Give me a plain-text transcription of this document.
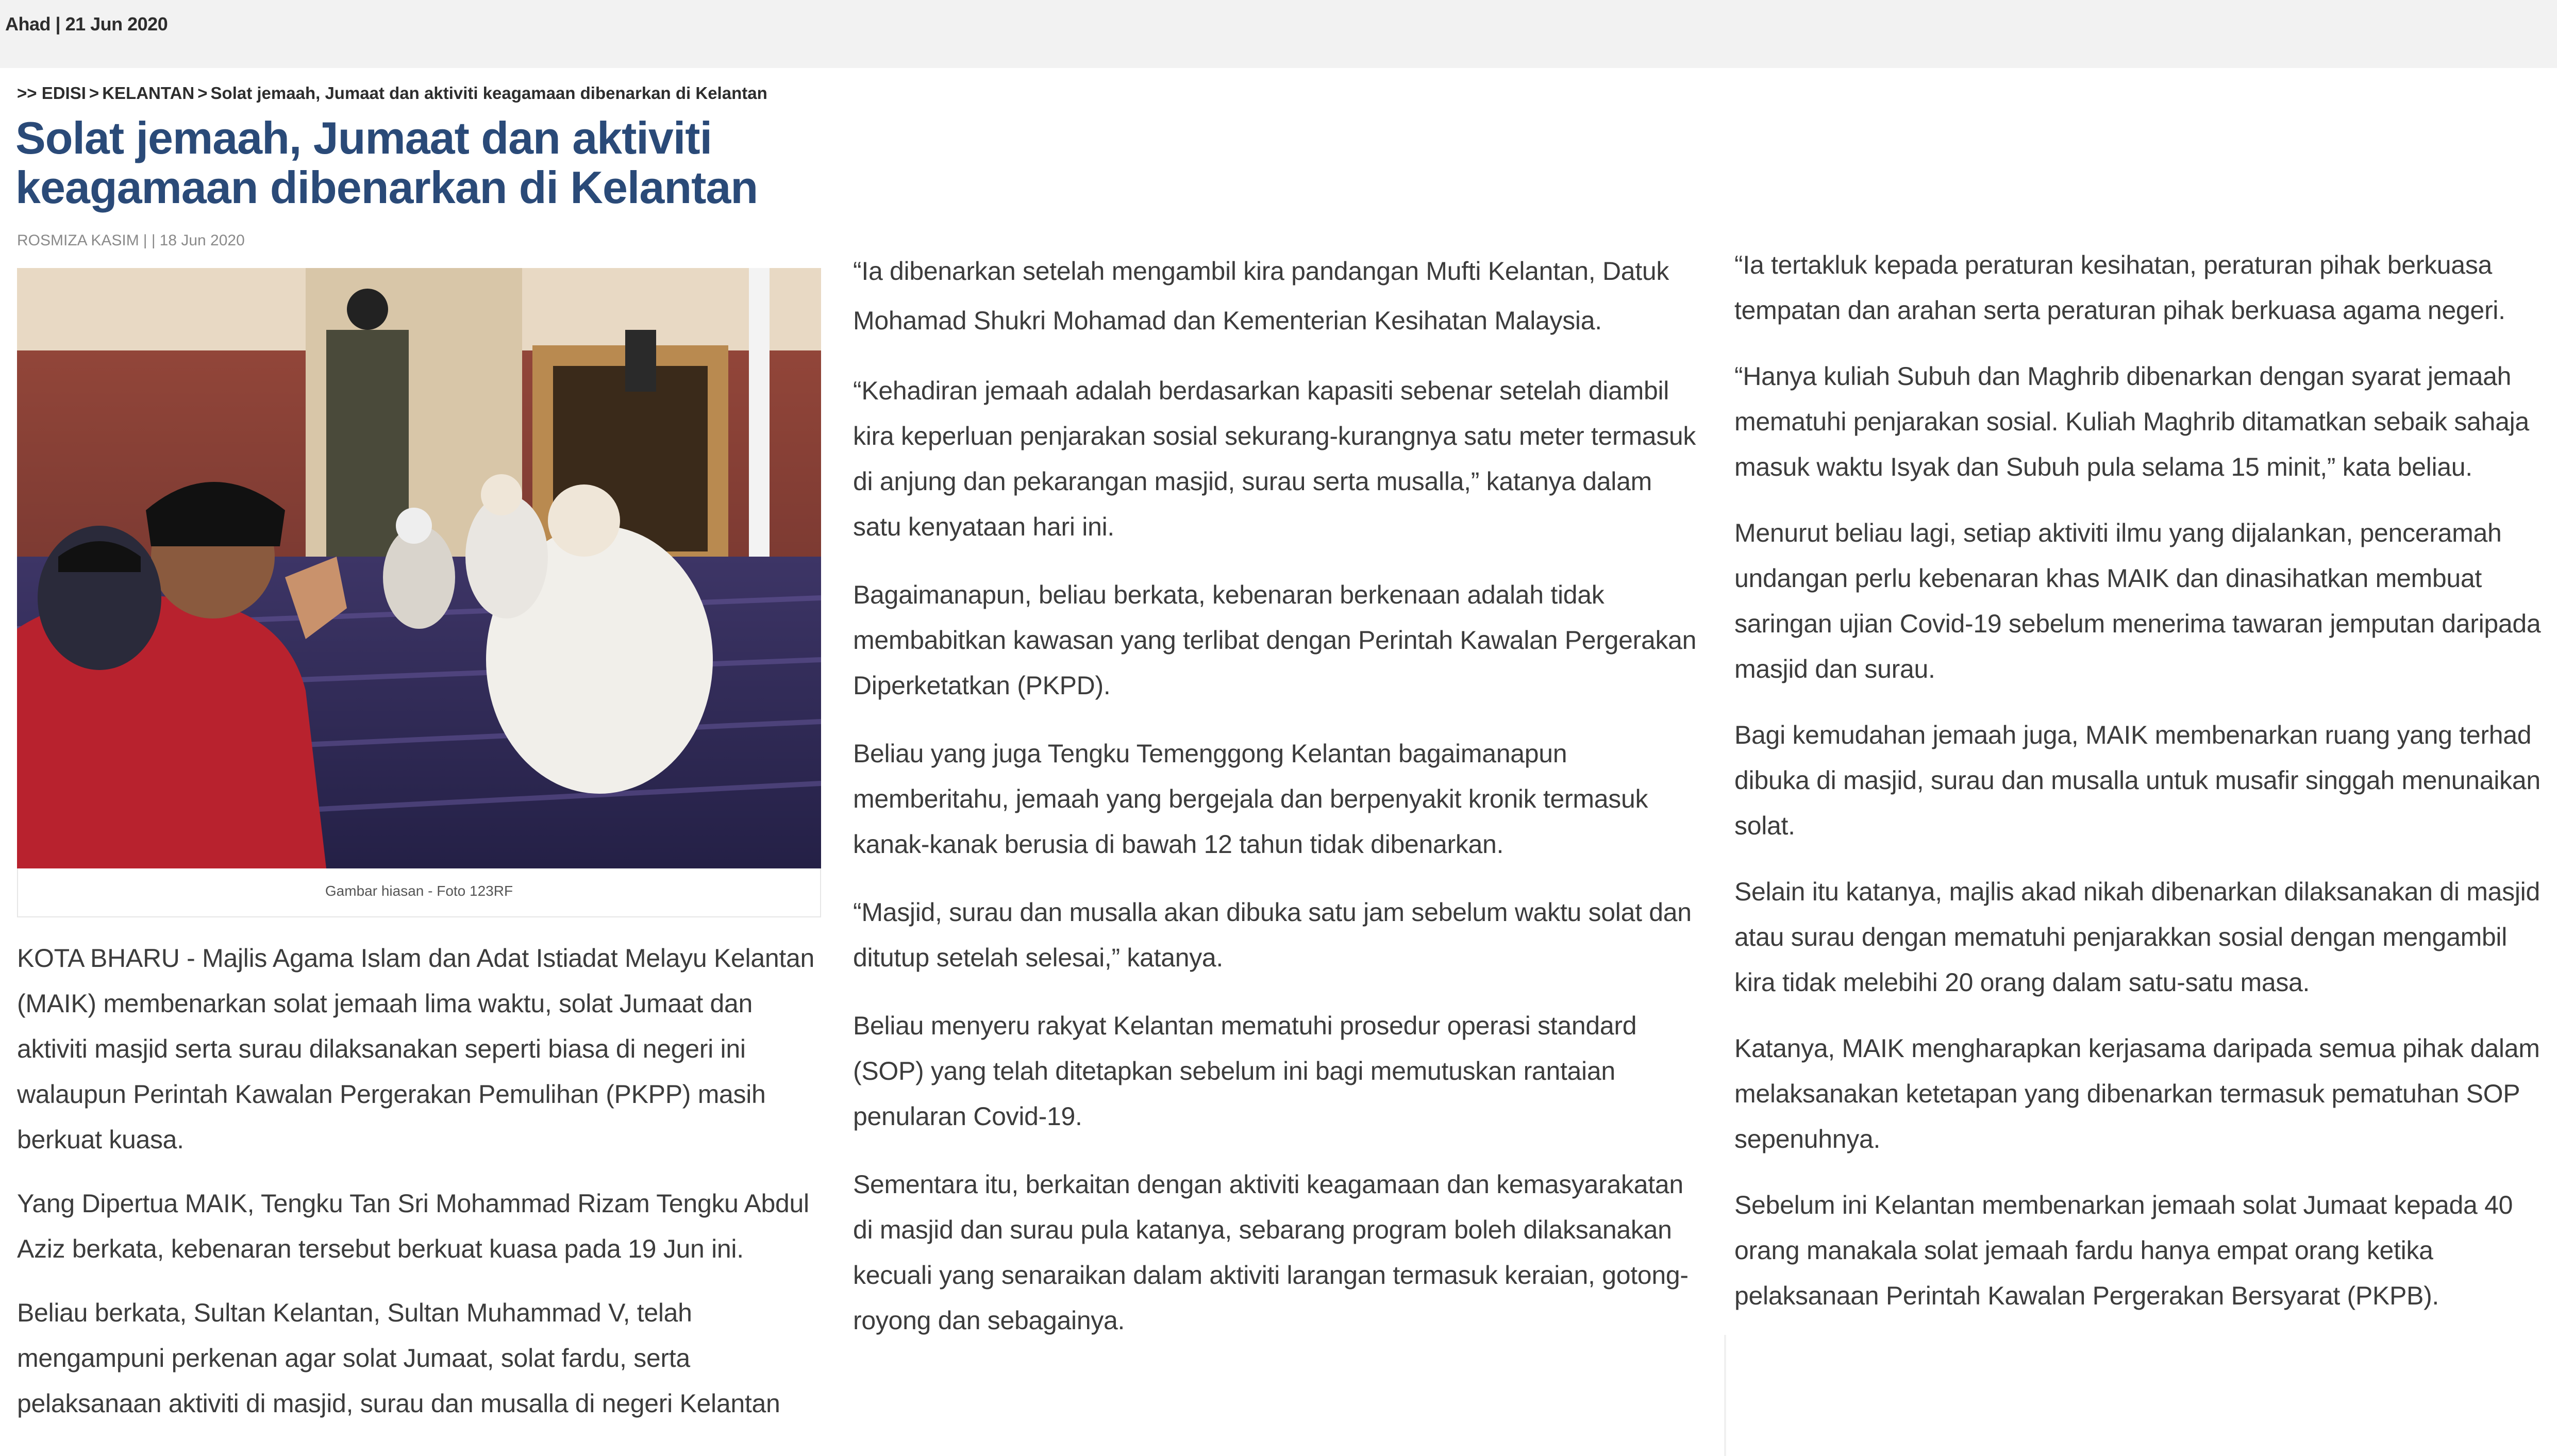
Ahad | 21 Jun 2020
>> EDISI > KELANTAN > Solat jemaah, Jumaat dan aktiviti keagamaan dibenarkan di Kelantan
Solat jemaah, Jumaat dan aktiviti keagamaan dibenarkan di Kelantan
ROSMIZA KASIM | | 18 Jun 2020
Gambar hiasan - Foto 123RF

KOTA BHARU - Majlis Agama Islam dan Adat Istiadat Melayu Kelantan (MAIK) membenarkan solat jemaah lima waktu, solat Jumaat dan aktiviti masjid serta surau dilaksanakan seperti biasa di negeri ini walaupun Perintah Kawalan Pergerakan Pemulihan (PKPP) masih berkuat kuasa.

Yang Dipertua MAIK, Tengku Tan Sri Mohammad Rizam Tengku Abdul Aziz berkata, kebenaran tersebut berkuat kuasa pada 19 Jun ini.

Beliau berkata, Sultan Kelantan, Sultan Muhammad V, telah mengampuni perkenan agar solat Jumaat, solat fardu, serta pelaksanaan aktiviti di masjid, surau dan musalla di negeri Kelantan

“Ia dibenarkan setelah mengambil kira pandangan Mufti Kelantan, Datuk Mohamad Shukri Mohamad dan Kementerian Kesihatan Malaysia.

“Kehadiran jemaah adalah berdasarkan kapasiti sebenar setelah diambil kira keperluan penjarakan sosial sekurang-kurangnya satu meter termasuk di anjung dan pekarangan masjid, surau serta musalla,” katanya dalam satu kenyataan hari ini.

Bagaimanapun, beliau berkata, kebenaran berkenaan adalah tidak membabitkan kawasan yang terlibat dengan Perintah Kawalan Pergerakan Diperketatkan (PKPD).

Beliau yang juga Tengku Temenggong Kelantan bagaimanapun memberitahu, jemaah yang bergejala dan berpenyakit kronik termasuk kanak-kanak berusia di bawah 12 tahun tidak dibenarkan.

“Masjid, surau dan musalla akan dibuka satu jam sebelum waktu solat dan ditutup setelah selesai,” katanya.

Beliau menyeru rakyat Kelantan mematuhi prosedur operasi standard (SOP) yang telah ditetapkan sebelum ini bagi memutuskan rantaian penularan Covid-19.

Sementara itu, berkaitan dengan aktiviti keagamaan dan kemasyarakatan di masjid dan surau pula katanya, sebarang program boleh dilaksanakan kecuali yang senaraikan dalam aktiviti larangan termasuk keraian, gotong-royong dan sebagainya.

“Ia tertakluk kepada peraturan kesihatan, peraturan pihak berkuasa tempatan dan arahan serta peraturan pihak berkuasa agama negeri.

“Hanya kuliah Subuh dan Maghrib dibenarkan dengan syarat jemaah mematuhi penjarakan sosial. Kuliah Maghrib ditamatkan sebaik sahaja masuk waktu Isyak dan Subuh pula selama 15 minit,” kata beliau.

Menurut beliau lagi, setiap aktiviti ilmu yang dijalankan, penceramah undangan perlu kebenaran khas MAIK dan dinasihatkan membuat saringan ujian Covid-19 sebelum menerima tawaran jemputan daripada masjid dan surau.

Bagi kemudahan jemaah juga, MAIK membenarkan ruang yang terhad dibuka di masjid, surau dan musalla untuk musafir singgah menunaikan solat.

Selain itu katanya, majlis akad nikah dibenarkan dilaksanakan di masjid atau surau dengan mematuhi penjarakkan sosial dengan mengambil kira tidak melebihi 20 orang dalam satu-satu masa.

Katanya, MAIK mengharapkan kerjasama daripada semua pihak dalam melaksanakan ketetapan yang dibenarkan termasuk pematuhan SOP sepenuhnya.

Sebelum ini Kelantan membenarkan jemaah solat Jumaat kepada 40 orang manakala solat jemaah fardu hanya empat orang ketika pelaksanaan Perintah Kawalan Pergerakan Bersyarat (PKPB).
